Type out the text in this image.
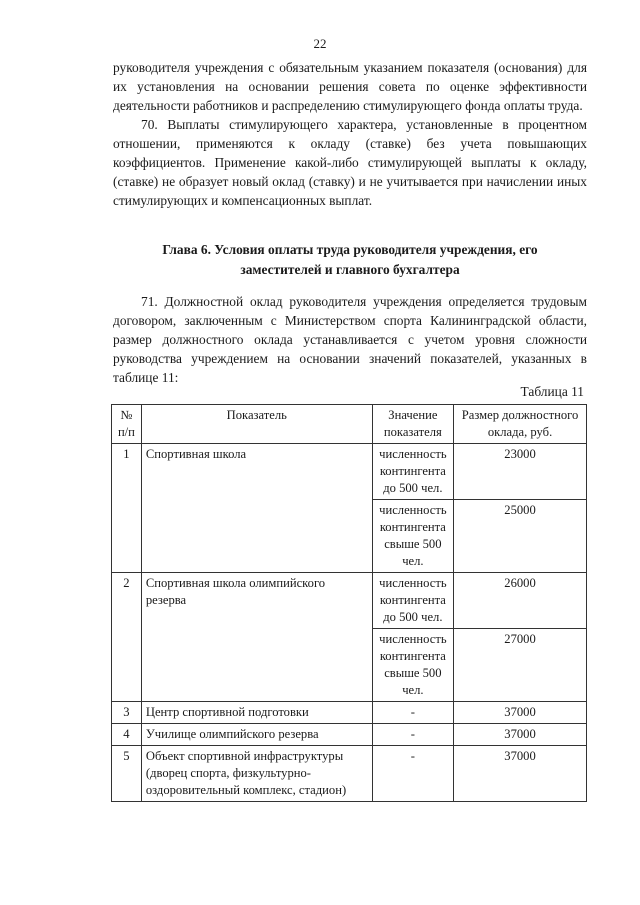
22

руководителя учреждения с обязательным указанием показателя (основания) для их установления на основании решения совета по оценке эффективности деятельности работников и распределению стимулирующего фонда оплаты труда.

70. Выплаты стимулирующего характера, установленные в процентном отношении, применяются к окладу (ставке) без учета повышающих коэффициентов. Применение какой-либо стимулирующей выплаты к окладу, (ставке) не образует новый оклад (ставку) и не учитывается при начислении иных стимулирующих и компенсационных выплат.

Глава 6. Условия оплаты труда руководителя учреждения, его
заместителей и главного бухгалтера

71. Должностной оклад руководителя учреждения определяется трудовым договором, заключенным с Министерством спорта Калининградской области, размер должностного оклада устанавливается с учетом уровня сложности руководства учреждением на основании значений показателей, указанных в таблице 11:

Таблица 11
№ п/п	Показатель	Значение показателя	Размер должностного оклада, руб.
1	Спортивная школа	численность контингента до 500 чел.	23000
		численность контингента свыше 500 чел.	25000
2	Спортивная школа олимпийского резерва	численность контингента до 500 чел.	26000
		численность контингента свыше 500 чел.	27000
3	Центр спортивной подготовки	-	37000
4	Училище олимпийского резерва	-	37000
5	Объект спортивной инфраструктуры (дворец спорта, физкультурно-оздоровительный комплекс, стадион)	-	37000
